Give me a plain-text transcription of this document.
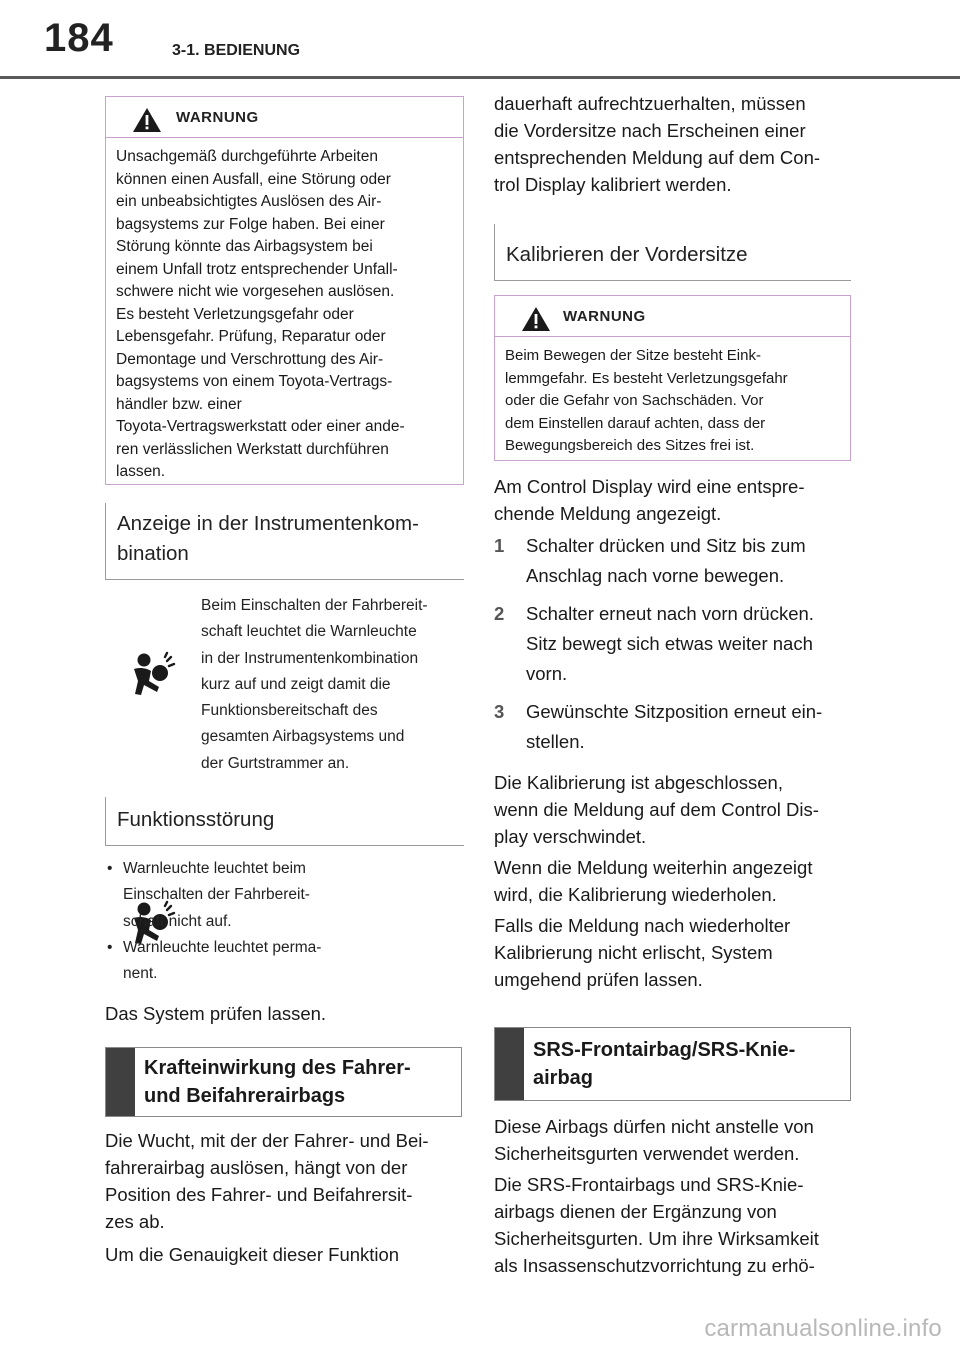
184	3-1. BEDIENUNG
WARNUNG
Unsachgemäß durchgeführte Arbeiten
können einen Ausfall, eine Störung oder
ein unbeabsichtigtes Auslösen des Air-
bagsystems zur Folge haben. Bei einer
Störung könnte das Airbagsystem bei
einem Unfall trotz entsprechender Unfall-
schwere nicht wie vorgesehen auslösen.
Es besteht Verletzungsgefahr oder
Lebensgefahr. Prüfung, Reparatur oder
Demontage und Verschrottung des Air-
bagsystems von einem Toyota-Vertrags-
händler bzw. einer
Toyota-Vertragswerkstatt oder einer ande-
ren verlässlichen Werkstatt durchführen
lassen.
Anzeige in der Instrumentenkom-
bination
Beim Einschalten der Fahrbereit-
schaft leuchtet die Warnleuchte
in der Instrumentenkombination
kurz auf und zeigt damit die
Funktionsbereitschaft des
gesamten Airbagsystems und
der Gurtstrammer an.
Funktionsstörung
• Warnleuchte leuchtet beim
Einschalten der Fahrbereit-
schaft nicht auf.
• Warnleuchte leuchtet perma-
nent.

Das System prüfen lassen.

Krafteinwirkung des Fahrer-
und Beifahrerairbags

Die Wucht, mit der der Fahrer- und Bei-

fahrerairbag auslösen, hängt von der

Position des Fahrer- und Beifahrersit-

zes ab.

Um die Genauigkeit dieser Funktion

dauerhaft aufrechtzuerhalten, müssen

die Vordersitze nach Erscheinen einer

entsprechenden Meldung auf dem Con-

trol Display kalibriert werden.

Kalibrieren der Vordersitze
WARNUNG
Beim Bewegen der Sitze besteht Eink-
lemmgefahr. Es besteht Verletzungsgefahr
oder die Gefahr von Sachschäden. Vor
dem Einstellen darauf achten, dass der
Bewegungsbereich des Sitzes frei ist.

Am Control Display wird eine entspre-

chende Meldung angezeigt.

1 Schalter drücken und Sitz bis zum
Anschlag nach vorne bewegen.
2 Schalter erneut nach vorn drücken.
Sitz bewegt sich etwas weiter nach
vorn.
3 Gewünschte Sitzposition erneut ein-
stellen.

Die Kalibrierung ist abgeschlossen,

wenn die Meldung auf dem Control Dis-

play verschwindet.

Wenn die Meldung weiterhin angezeigt

wird, die Kalibrierung wiederholen.

Falls die Meldung nach wiederholter

Kalibrierung nicht erlischt, System

umgehend prüfen lassen.

SRS-Frontairbag/SRS-Knie-
airbag

Diese Airbags dürfen nicht anstelle von

Sicherheitsgurten verwendet werden.

Die SRS-Frontairbags und SRS-Knie-

airbags dienen der Ergänzung von

Sicherheitsgurten. Um ihre Wirksamkeit

als Insassenschutzvorrichtung zu erhö-

carmanualsonline.info
